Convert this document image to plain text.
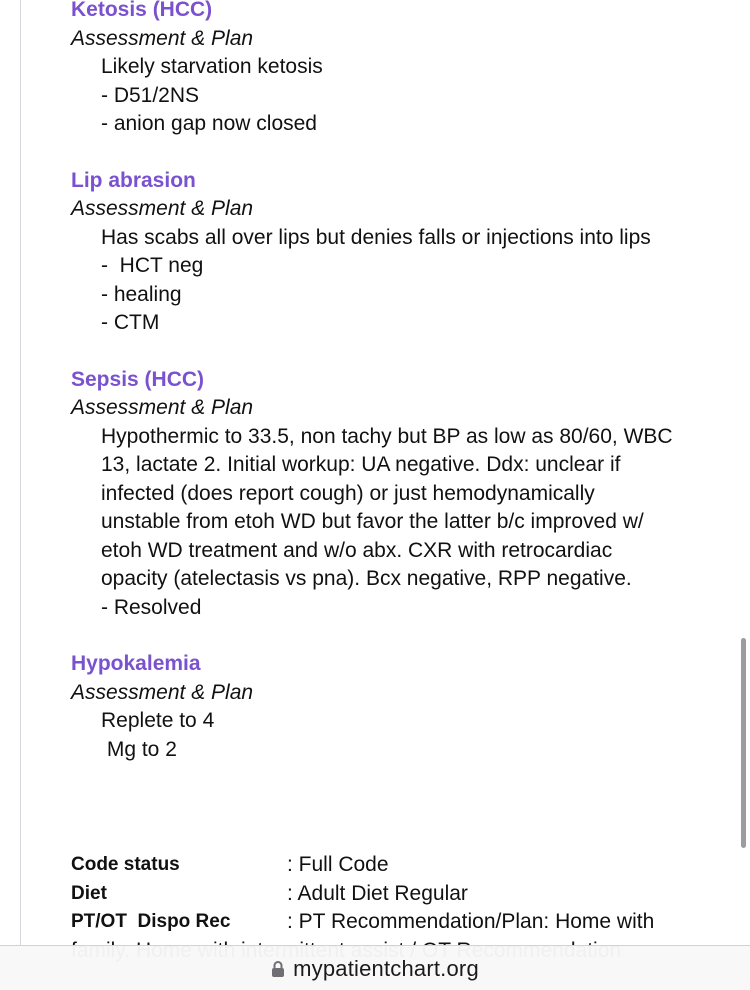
Ketosis (HCC)
Assessment & Plan

Likely starvation ketosis

- D51/2NS

- anion gap now closed

Lip abrasion
Assessment & Plan

Has scabs all over lips but denies falls or injections into lips

-  HCT neg

- healing

- CTM

Sepsis (HCC)
Assessment & Plan

Hypothermic to 33.5, non tachy but BP as low as 80/60, WBC

13, lactate 2. Initial workup: UA negative. Ddx: unclear if

infected (does report cough) or just hemodynamically

unstable from etoh WD but favor the latter b/c improved w/

etoh WD treatment and w/o abx. CXR with retrocardiac

opacity (atelectasis vs pna). Bcx negative, RPP negative.

- Resolved

Hypokalemia
Assessment & Plan

Replete to 4

Mg to 2

Code status	: Full Code
Diet	: Adult Diet Regular
PT/OT  Dispo Rec	: PT Recommendation/Plan: Home with
mypatientchart.org
